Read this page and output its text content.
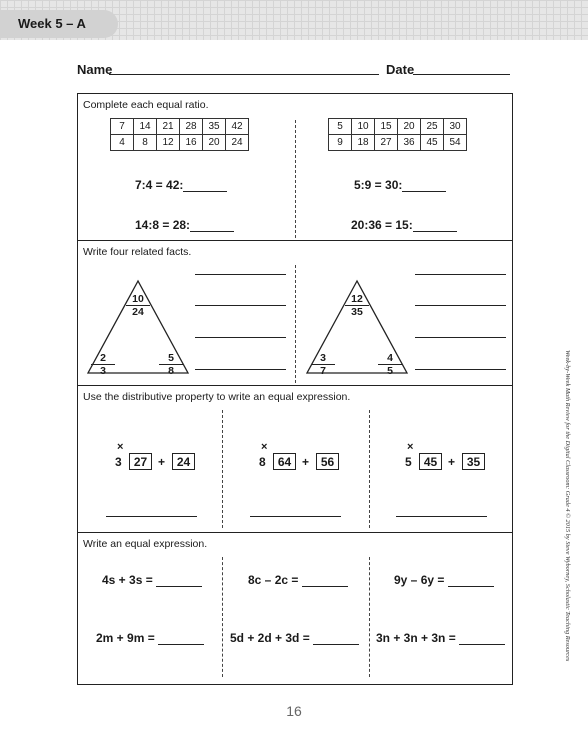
Week 5 – A
Name	Date
Complete each equal ratio.
7	14	21	28	35	42
4	8	12	16	20	24
5	10	15	20	25	30
9	18	27	36	45	54
7:4 = 42:
14:8 = 28:
5:9 = 30:
20:36 = 15:
Write four related facts.
$\frac{10}{24}$
$\frac{2}{3}$	$\frac{5}{8}$
$\frac{12}{35}$
$\frac{3}{7}$	$\frac{4}{5}$
Use the distributive property to write an equal expression.
×
3	27 + 24
×
8	64 + 56
×
5	45 + 35
Write an equal expression.
4s + 3s =	8c – 2c =	9y – 6y =
2m + 9m =	5d + 2d + 3d =	3n + 3n + 3n =
16
Week-by-Week Math Review for the Digital Classroom: Grade 4 © 2015 by Steve Wyborney, Scholastic Teaching Resources
